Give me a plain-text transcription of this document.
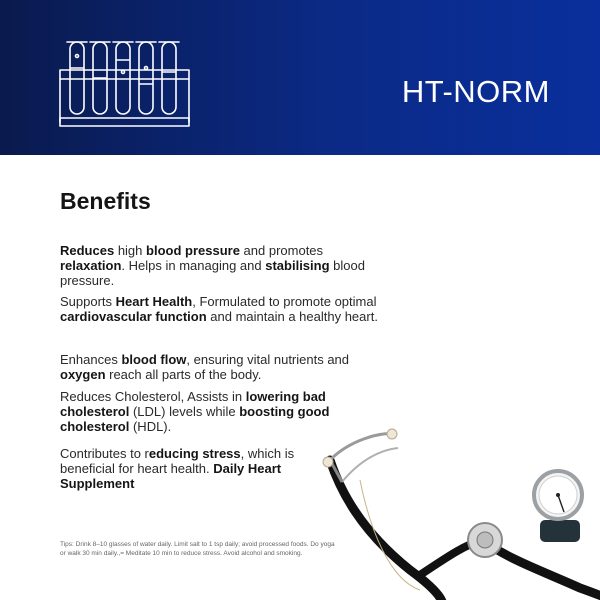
HT-NORM
Benefits

Reduces high blood pressure and promotes relaxation. Helps in managing and stabilising blood pressure.

Supports Heart Health, Formulated to promote optimal cardiovascular function and maintain a healthy heart.

Enhances blood flow, ensuring vital nutrients and oxygen reach all parts of the body.

Reduces Cholesterol, Assists in lowering bad cholesterol (LDL) levels while boosting good cholesterol (HDL).

Contributes to reducing stress, which is beneficial for heart health. Daily Heart Supplement

Tips: Drink 8–10 glasses of water daily. Limit salt to 1 tsp daily; avoid processed foods. Do yoga or walk 30 min daily.,= Meditate 10 min to reduce stress. Avoid alcohol and smoking.
